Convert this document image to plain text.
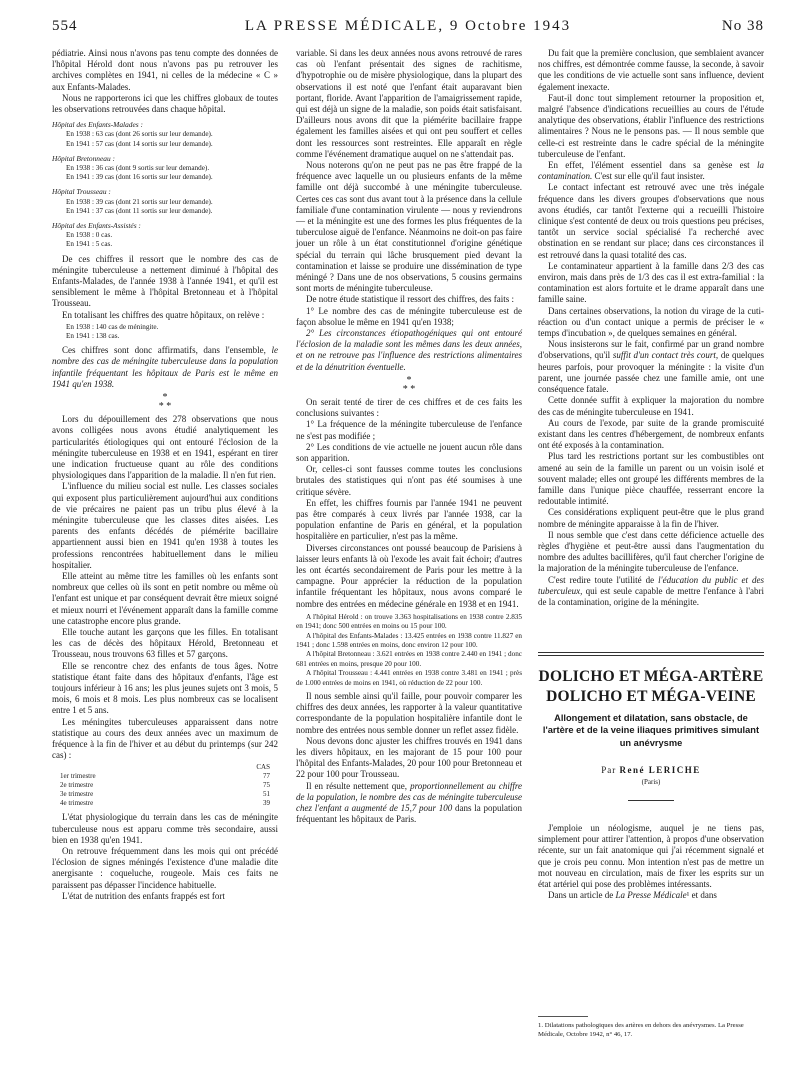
554	LA PRESSE MÉDICALE, 9 Octobre 1943	No 38

pédiatrie. Ainsi nous n'avons pas tenu compte des données de l'hôpital Hérold dont nous n'avons pas pu retrouver les archives complètes en 1941, ni celles de la médecine « C » aux Enfants-Malades.

Nous ne rapporterons ici que les chiffres globaux de toutes les observations retrouvées dans chaque hôpital.

Hôpital des Enfants-Malades :
En 1938 : 63 cas (dont 26 sortis sur leur demande).
En 1941 : 57 cas (dont 14 sortis sur leur demande).
Hôpital Bretonneau :
En 1938 : 36 cas (dont 9 sortis sur leur demande).
En 1941 : 39 cas (dont 16 sortis sur leur demande).
Hôpital Trousseau :
En 1938 : 39 cas (dont 21 sortis sur leur demande).
En 1941 : 37 cas (dont 11 sortis sur leur demande).
Hôpital des Enfants-Assistés :
En 1938 : 0 cas.
En 1941 : 5 cas.

De ces chiffres il ressort que le nombre des cas de méningite tuberculeuse a nettement diminué à l'hôpital des Enfants-Malades, de l'année 1938 à l'année 1941, et qu'il est sensiblement le même à l'hôpital Bretonneau et à l'hôpital Trousseau.

En totalisant les chiffres des quatre hôpitaux, on relève :

En 1938 : 140 cas de méningite.
En 1941 : 138 cas.

Ces chiffres sont donc affirmatifs, dans l'ensemble, le nombre des cas de méningite tuberculeuse dans la population infantile fréquentant les hôpitaux de Paris est le même en 1941 qu'en 1938.

*
* *

Lors du dépouillement des 278 observations que nous avons colligées nous avons étudié analytiquement les particularités étiologiques qui ont entouré l'éclosion de la méningite tuberculeuse en 1938 et en 1941, espérant en tirer une indication fructueuse quant au rôle des conditions physiologiques dans l'apparition de la maladie. Il n'en fut rien.

L'influence du milieu social est nulle. Les classes sociales qui exposent plus particulièrement aujourd'hui aux conditions de vie précaires ne paient pas un tribu plus élevé à la méningite tuberculeuse que les classes dites aisées. Les parents des enfants décédés de piémérite bacillaire appartiennent aussi bien en 1941 qu'en 1938 à toutes les professions rencontrées habituellement dans le milieu hospitalier.

Elle atteint au même titre les familles où les enfants sont nombreux que celles où ils sont en petit nombre ou même où l'enfant est unique et par conséquent devrait être mieux soigné et mieux nourri et l'événement apparaît dans la famille comme une catastrophe encore plus grande.

Elle touche autant les garçons que les filles. En totalisant les cas de décès des hôpitaux Hérold, Bretonneau et Trousseau, nous trouvons 63 filles et 57 garçons.

Elle se rencontre chez des enfants de tous âges. Notre statistique étant faite dans des hôpitaux d'enfants, l'âge est toujours inférieur à 16 ans; les plus jeunes sujets ont 3 mois, 5 mois, 6 mois et 8 mois. Les plus nombreux cas se localisent entre 1 et 5 ans.

Les méningites tuberculeuses apparaissent dans notre statistique au cours des deux années avec un maximum de fréquence à la fin de l'hiver et au début du printemps (sur 242 cas) :

	CAS
1er trimestre	77
2e trimestre	75
3e trimestre	51
4e trimestre	39

L'état physiologique du terrain dans les cas de méningite tuberculeuse nous est apparu comme très secondaire, aussi bien en 1938 qu'en 1941.

On retrouve fréquemment dans les mois qui ont précédé l'éclosion de signes méningés l'existence d'une maladie dite anergisante : coqueluche, rougeole. Mais ces faits ne paraissent pas dépasser l'incidence habituelle.

L'état de nutrition des enfants frappés est fort

variable. Si dans les deux années nous avons retrouvé de rares cas où l'enfant présentait des signes de rachitisme, d'hypotrophie ou de misère physiologique, dans la plupart des observations il est noté que l'enfant était auparavant bien portant, floride. Avant l'apparition de l'amaigrissement rapide, qui est déjà un signe de la maladie, son poids était satisfaisant. D'ailleurs nous avons dit que la piémérite bacillaire frappe également les familles aisées et qui ont peu souffert et celles dont les ressources sont restreintes. Elle apparaît en règle comme l'événement dramatique auquel on ne s'attendait pas.

Nous noterons qu'on ne peut pas ne pas être frappé de la fréquence avec laquelle un ou plusieurs enfants de la même famille ont déjà succombé à une méningite tuberculeuse. Certes ces cas sont dus avant tout à la présence dans la cellule familiale d'une contamination virulente — nous y reviendrons — et la méningite est une des formes les plus fréquentes de la tuberculose aiguë de l'enfance. Néanmoins ne doit-on pas faire jouer un rôle à un état constitutionnel d'origine génétique spécial du terrain qui lâche brusquement pied devant la contamination et laisse se produire une dissémination de type méningé ? Dans une de nos observations, 5 cousins germains sont morts de méningite tuberculeuse.

De notre étude statistique il ressort des chiffres, des faits :

1° Le nombre des cas de méningite tuberculeuse est de façon absolue le même en 1941 qu'en 1938;

2° Les circonstances étiopathogéniques qui ont entouré l'éclosion de la maladie sont les mêmes dans les deux années, et on ne retrouve pas l'influence des restrictions alimentaires et de la dénutrition éventuelle.

*
* *

On serait tenté de tirer de ces chiffres et de ces faits les conclusions suivantes :

1° La fréquence de la méningite tuberculeuse de l'enfance ne s'est pas modifiée ;

2° Les conditions de vie actuelle ne jouent aucun rôle dans son apparition.

Or, celles-ci sont fausses comme toutes les conclusions brutales des statistiques qui n'ont pas été soumises à une critique sévère.

En effet, les chiffres fournis par l'année 1941 ne peuvent pas être comparés à ceux livrés par l'année 1938, car la population enfantine de Paris en général, et la population hospitalière en particulier, n'est pas la même.

Diverses circonstances ont poussé beaucoup de Parisiens à laisser leurs enfants là où l'exode les avait fait échoir; d'autres les ont écartés secondairement de Paris pour les mettre à la campagne. Pour apprécier la réduction de la population infantile fréquentant les hôpitaux, nous avons comparé le nombre des entrées en médecine générale en 1938 et en 1941.

A l'hôpital Hérold : on trouve 3.363 hospitalisations en 1938 contre 2.835 en 1941; donc 500 entrées en moins ou 15 pour 100.

A l'hôpital des Enfants-Malades : 13.425 entrées en 1938 contre 11.827 en 1941 ; donc 1.598 entrées en moins, donc environ 12 pour 100.

A l'hôpital Bretonneau : 3.621 entrées en 1938 contre 2.440 en 1941 ; donc 681 entrées en moins, presque 20 pour 100.

A l'hôpital Trousseau : 4.441 entrées en 1938 contre 3.481 en 1941 ; près de 1.000 entrées de moins en 1941, où réduction de 22 pour 100.

Il nous semble ainsi qu'il faille, pour pouvoir comparer les chiffres des deux années, les rapporter à la valeur quantitative correspondante de la population hospitalière infantile dont le nombre des entrées nous semble donner un reflet assez fidèle.

Nous devons donc ajuster les chiffres trouvés en 1941 dans les divers hôpitaux, en les majorant de 15 pour 100 pour l'hôpital des Enfants-Malades, 20 pour 100 pour Bretonneau et 22 pour 100 pour Trousseau.

Il en résulte nettement que, proportionnellement au chiffre de la population, le nombre des cas de méningite tuberculeuse chez l'enfant a augmenté de 15,7 pour 100 dans la population fréquentant les hôpitaux de Paris.

Du fait que la première conclusion, que semblaient avancer nos chiffres, est démontrée comme fausse, la seconde, à savoir que les conditions de vie actuelle sont sans influence, devient également inexacte.

Faut-il donc tout simplement retourner la proposition et, malgré l'absence d'indications recueillies au cours de l'étude analytique des observations, établir l'influence des restrictions alimentaires ? Nous ne le pensons pas. — Il nous semble que celle-ci est restreinte dans le cadre spécial de la méningite tuberculeuse de l'enfant.

En effet, l'élément essentiel dans sa genèse est la contamination. C'est sur elle qu'il faut insister.

Le contact infectant est retrouvé avec une très inégale fréquence dans les divers groupes d'observations que nous avons étudiés, car tantôt l'externe qui a recueilli l'histoire clinique s'est contenté de deux ou trois questions peu précises, tantôt un service social spécialisé l'a recherché avec obstination en se rendant sur place; dans ces circonstances il est retrouvé dans la quasi totalité des cas.

Le contaminateur appartient à la famille dans 2/3 des cas environ, mais dans près de 1/3 des cas il est extra-familial : la contamination est alors fortuite et le drame apparaît dans une famille saine.

Dans certaines observations, la notion du virage de la cuti-réaction ou d'un contact unique a permis de préciser le « temps d'incubation », de quelques semaines en général.

Nous insisterons sur le fait, confirmé par un grand nombre d'observations, qu'il suffit d'un contact très court, de quelques heures parfois, pour provoquer la méningite : la visite d'un parent, une journée passée chez une famille amie, ont une conséquence fatale.

Cette donnée suffit à expliquer la majoration du nombre des cas de méningite tuberculeuse en 1941.

Au cours de l'exode, par suite de la grande promiscuité existant dans les centres d'hébergement, de nombreux enfants ont été exposés à la contamination.

Plus tard les restrictions portant sur les combustibles ont amené au sein de la famille un parent ou un voisin isolé et souvent malade; elles ont groupé les différents membres de la famille dans l'unique pièce chauffée, resserrant encore la redoutable intimité.

Ces considérations expliquent peut-être que le plus grand nombre de méningite apparaisse à la fin de l'hiver.

Il nous semble que c'est dans cette déficience actuelle des règles d'hygiène et peut-être aussi dans l'augmentation du nombre des adultes bacillifères, qu'il faut chercher l'origine de la majoration de la méningite tuberculeuse de l'enfance.

C'est redire toute l'utilité de l'éducation du public et des tuberculeux, qui est seule capable de mettre l'enfance à l'abri de la contamination, origine de la méningite.

DOLICHO ET MÉGA-ARTÈRE
DOLICHO ET MÉGA-VEINE
Allongement et dilatation, sans obstacle, de l'artère et de la veine iliaques primitives simulant un anévrysme
Par René LERICHE
(Paris)

J'emploie un néologisme, auquel je ne tiens pas, simplement pour attirer l'attention, à propos d'une observation récente, sur un fait anatomique qui j'ai récemment signalé et que je crois peu connu. Mon intention n'est pas de mettre un mot nouveau en circulation, mais de fixer les esprits sur un état artériel qui pose des problèmes intéressants.

Dans un article de La Presse Médicale¹ et dans

1. Dilatations pathologiques des artères en dehors des anévrysmes. La Presse Médicale, Octobre 1942, n° 46, 17.
